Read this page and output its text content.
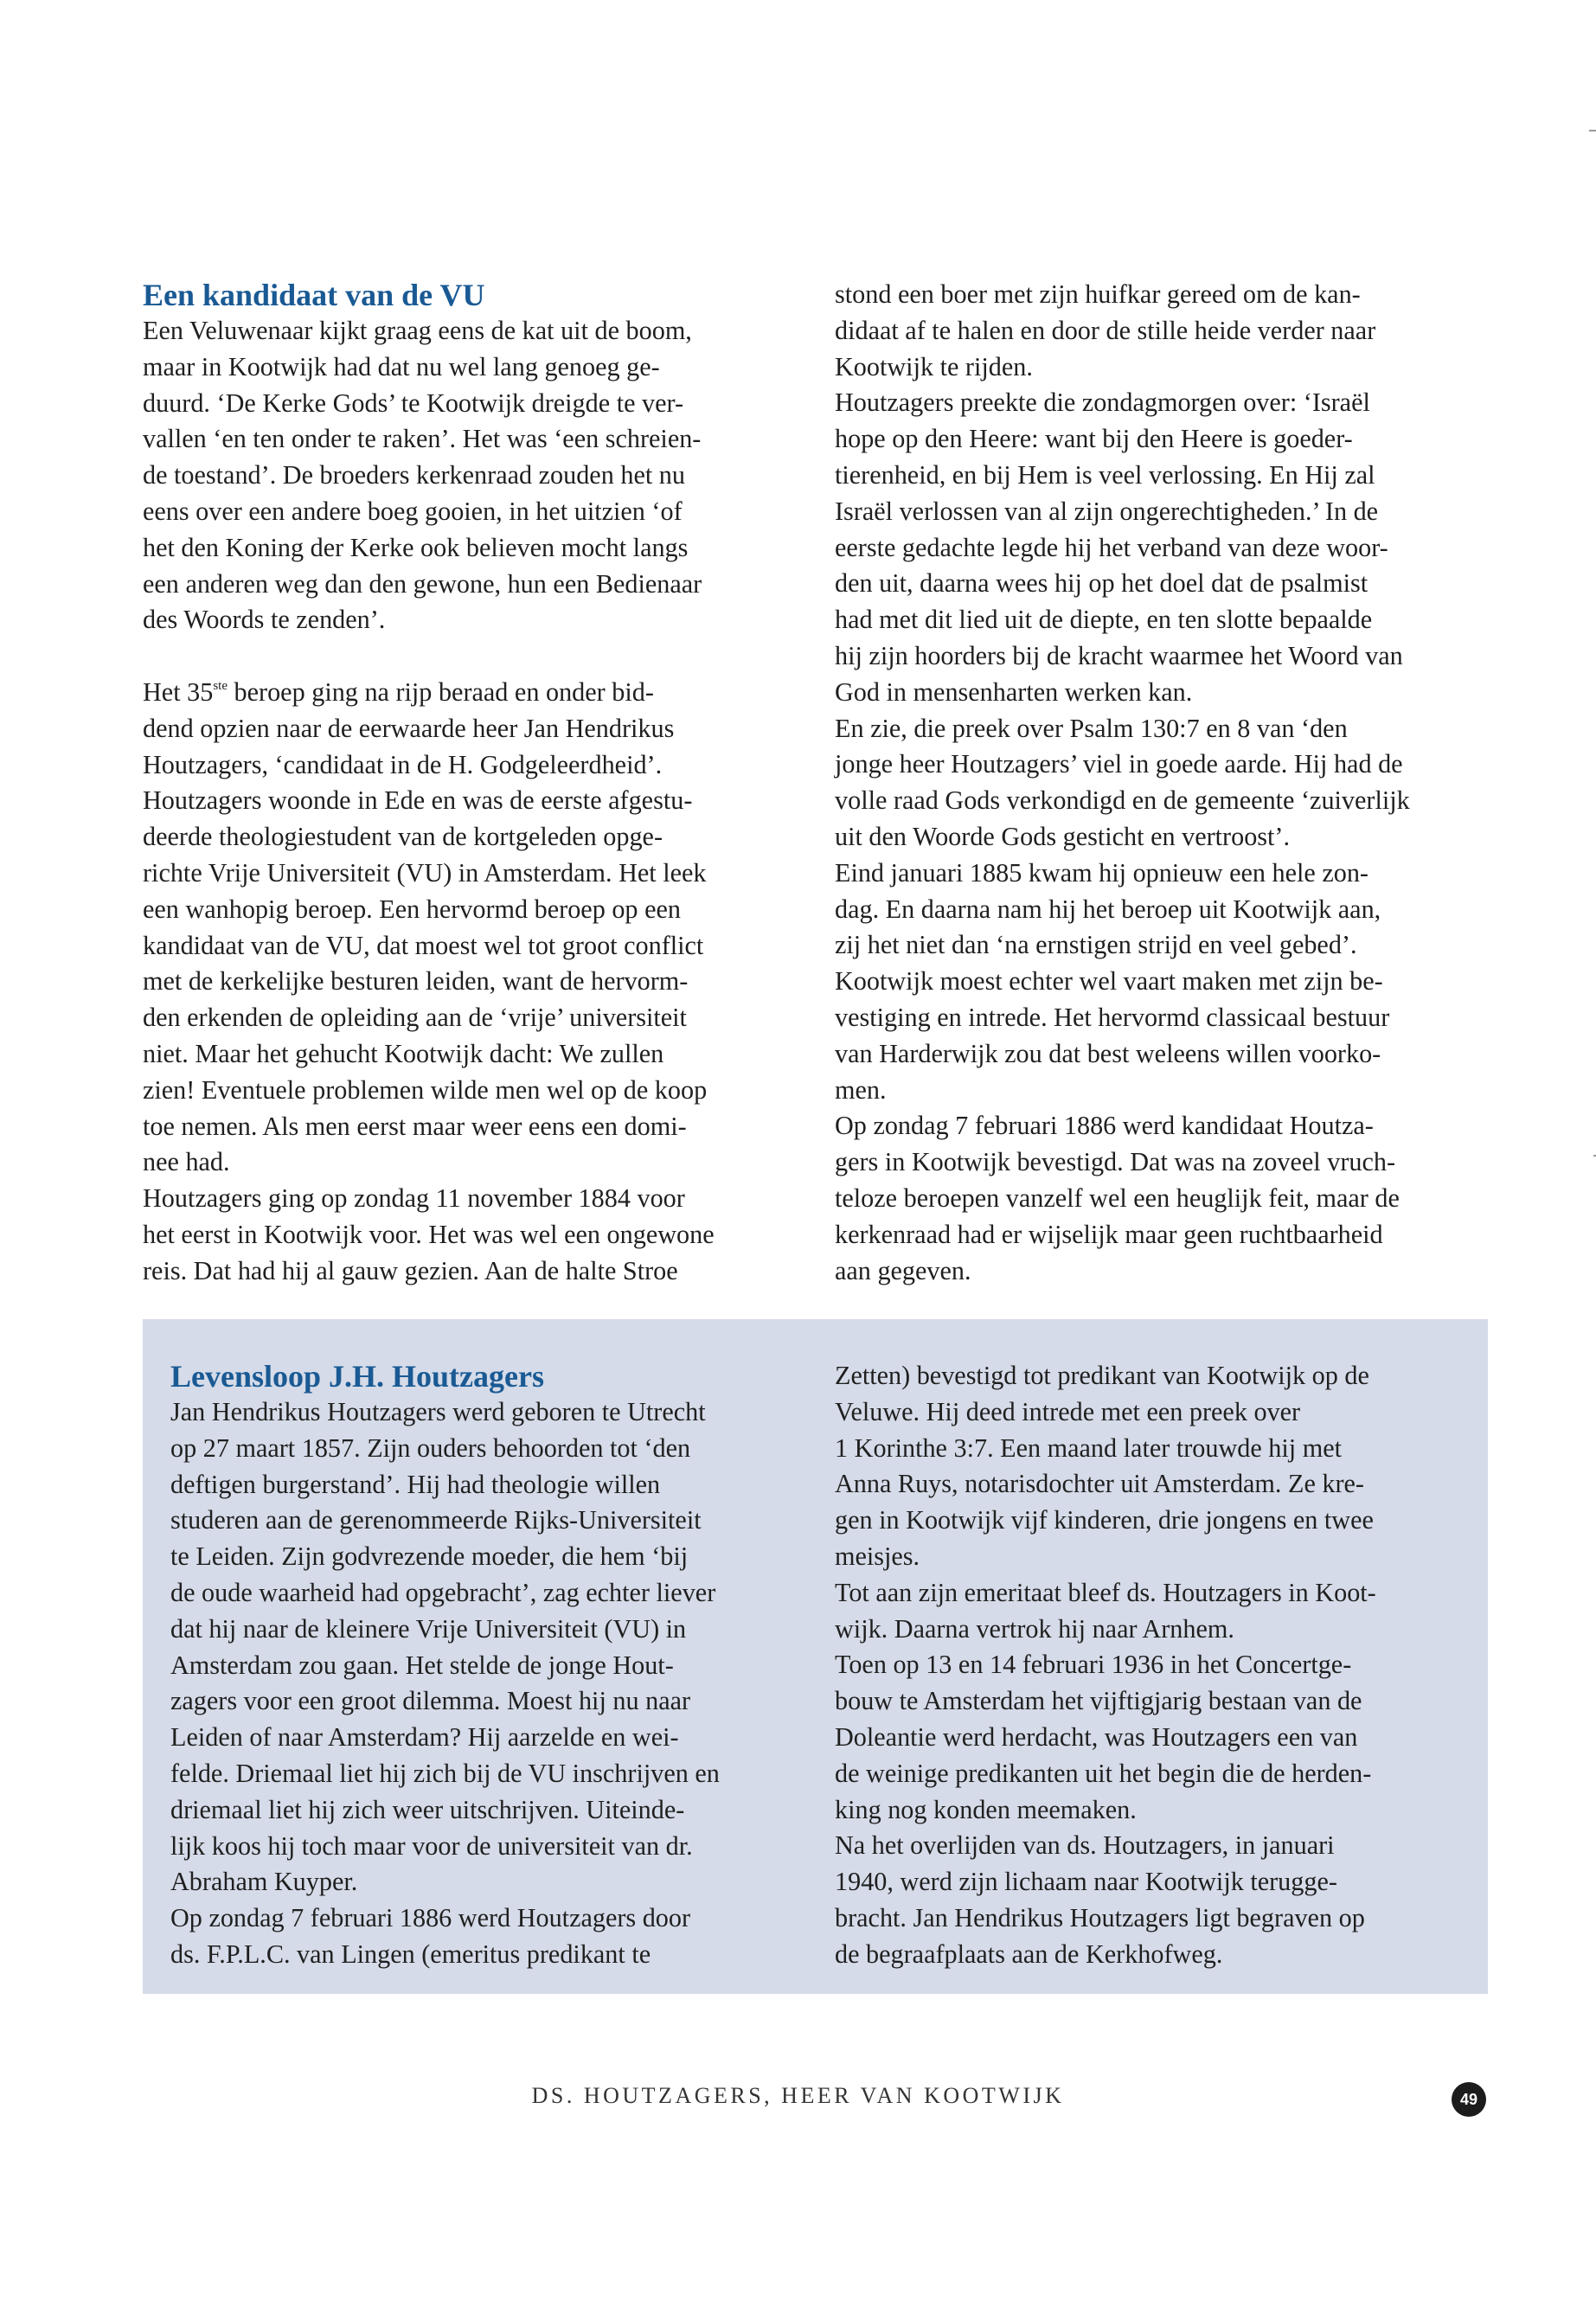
Een kandidaat van de VU

Een Veluwenaar kijkt graag eens de kat uit de boom,

maar in Kootwijk had dat nu wel lang genoeg ge-

duurd. ‘De Kerke Gods’ te Kootwijk dreigde te ver-

vallen ‘en ten onder te raken’. Het was ‘een schreien-

de toestand’. De broeders kerkenraad zouden het nu

eens over een andere boeg gooien, in het uitzien ‘of

het den Koning der Kerke ook believen mocht langs

een anderen weg dan den gewone, hun een Bedienaar

des Woords te zenden’.

Het 35ste beroep ging na rijp beraad en onder bid-

dend opzien naar de eerwaarde heer Jan Hendrikus

Houtzagers, ‘candidaat in de H. Godgeleerdheid’.

Houtzagers woonde in Ede en was de eerste afgestu-

deerde theologiestudent van de kortgeleden opge-

richte Vrije Universiteit (VU) in Amsterdam. Het leek

een wanhopig beroep. Een hervormd beroep op een

kandidaat van de VU, dat moest wel tot groot conflict

met de kerkelijke besturen leiden, want de hervorm-

den erkenden de opleiding aan de ‘vrije’ universiteit

niet. Maar het gehucht Kootwijk dacht: We zullen

zien! Eventuele problemen wilde men wel op de koop

toe nemen. Als men eerst maar weer eens een domi-

nee had.

Houtzagers ging op zondag 11 november 1884 voor

het eerst in Kootwijk voor. Het was wel een ongewone

reis. Dat had hij al gauw gezien. Aan de halte Stroe

stond een boer met zijn huifkar gereed om de kan-

didaat af te halen en door de stille heide verder naar

Kootwijk te rijden.

Houtzagers preekte die zondagmorgen over: ‘Israël

hope op den Heere: want bij den Heere is goeder-

tierenheid, en bij Hem is veel verlossing. En Hij zal

Israël verlossen van al zijn ongerechtigheden.’ In de

eerste gedachte legde hij het verband van deze woor-

den uit, daarna wees hij op het doel dat de psalmist

had met dit lied uit de diepte, en ten slotte bepaalde

hij zijn hoorders bij de kracht waarmee het Woord van

God in mensenharten werken kan.

En zie, die preek over Psalm 130:7 en 8 van ‘den

jonge heer Houtzagers’ viel in goede aarde. Hij had de

volle raad Gods verkondigd en de gemeente ‘zuiverlijk

uit den Woorde Gods gesticht en vertroost’.

Eind januari 1885 kwam hij opnieuw een hele zon-

dag. En daarna nam hij het beroep uit Kootwijk aan,

zij het niet dan ‘na ernstigen strijd en veel gebed’.

Kootwijk moest echter wel vaart maken met zijn be-

vestiging en intrede. Het hervormd classicaal bestuur

van Harderwijk zou dat best weleens willen voorko-

men.

Op zondag 7 februari 1886 werd kandidaat Houtza-

gers in Kootwijk bevestigd. Dat was na zoveel vruch-

teloze beroepen vanzelf wel een heuglijk feit, maar de

kerkenraad had er wijselijk maar geen ruchtbaarheid

aan gegeven.

Levensloop J.H. Houtzagers

Jan Hendrikus Houtzagers werd geboren te Utrecht

op 27 maart 1857. Zijn ouders behoorden tot ‘den

deftigen burgerstand’. Hij had theologie willen

studeren aan de gerenommeerde Rijks-Universiteit

te Leiden. Zijn godvrezende moeder, die hem ‘bij

de oude waarheid had opgebracht’, zag echter liever

dat hij naar de kleinere Vrije Universiteit (VU) in

Amsterdam zou gaan. Het stelde de jonge Hout-

zagers voor een groot dilemma. Moest hij nu naar

Leiden of naar Amsterdam? Hij aarzelde en wei-

felde. Driemaal liet hij zich bij de VU inschrijven en

driemaal liet hij zich weer uitschrijven. Uiteinde-

lijk koos hij toch maar voor de universiteit van dr.

Abraham Kuyper.

Op zondag 7 februari 1886 werd Houtzagers door

ds. F.P.L.C. van Lingen (emeritus predikant te

Zetten) bevestigd tot predikant van Kootwijk op de

Veluwe. Hij deed intrede met een preek over

1 Korinthe 3:7. Een maand later trouwde hij met

Anna Ruys, notarisdochter uit Amsterdam. Ze kre-

gen in Kootwijk vijf kinderen, drie jongens en twee

meisjes.

Tot aan zijn emeritaat bleef ds. Houtzagers in Koot-

wijk. Daarna vertrok hij naar Arnhem.

Toen op 13 en 14 februari 1936 in het Concertge-

bouw te Amsterdam het vijftigjarig bestaan van de

Doleantie werd herdacht, was Houtzagers een van

de weinige predikanten uit het begin die de herden-

king nog konden meemaken.

Na het overlijden van ds. Houtzagers, in januari

1940, werd zijn lichaam naar Kootwijk terugge-

bracht. Jan Hendrikus Houtzagers ligt begraven op

de begraafplaats aan de Kerkhofweg.

DS. HOUTZAGERS, HEER VAN KOOTWIJK	49
